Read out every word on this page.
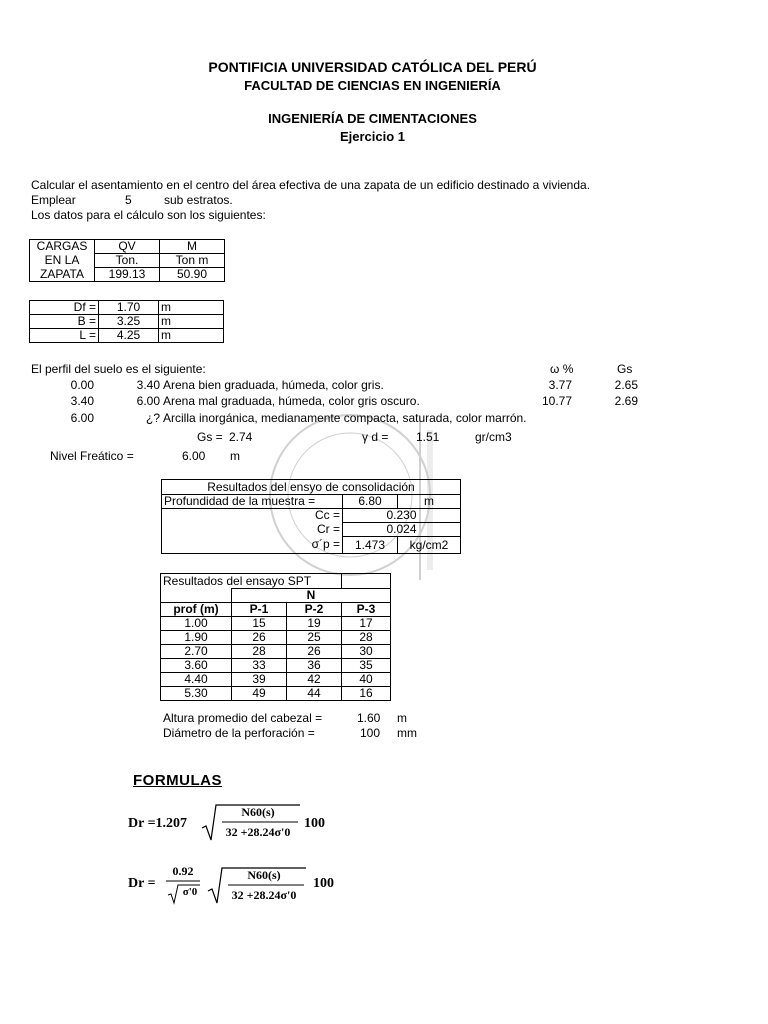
PONTIFICIA UNIVERSIDAD CATÓLICA DEL PERÚ
FACULTAD DE CIENCIAS EN INGENIERÍA
INGENIERÍA DE CIMENTACIONES
Ejercicio 1
Calcular el asentamiento en el centro del área efectiva de una zapata de un edificio destinado a vivienda.
Emplear	5	sub estratos.
Los datos para el cálculo son los siguientes:
CARGAS	QV	M
EN LA	Ton.	Ton m
ZAPATA	199.13	50.90
Df =	1.70	m
B =	3.25	m
L =	4.25	m
El perfil del suelo es el siguiente:	ω %	Gs
0.00	3.40 Arena bien graduada, húmeda, color gris.	3.77	2.65
3.40	6.00 Arena mal graduada, húmeda, color gris oscuro.	10.77	2.69
6.00	¿? Arcilla inorgánica, medianamente compacta, saturada, color marrón.
Gs = 2.74	γ d = 1.51	gr/cm3
Nivel Freático =	6.00 m
Resultados del ensyo de consolidación		
Profundidad de la muestra =	6.80	m
Cc =	0.230	
Cr =	0.024	
σ´p =	1.473	kg/cm2
Resultados del ensayo SPT			
	N		
prof (m)	P-1	P-2	P-3
1.00	15	19	17
1.90	26	25	28
2.70	28	26	30
3.60	33	36	35
4.40	39	42	40
5.30	49	44	16
Altura promedio del cabezal =	1.60 m
Diámetro de la perforación =	100 mm
FORMULAS
Dr =1.207
N60(s)
32 +28.24σ'0
100
Dr =
0.92
σ'0
N60(s)
32 +28.24σ'0
100
